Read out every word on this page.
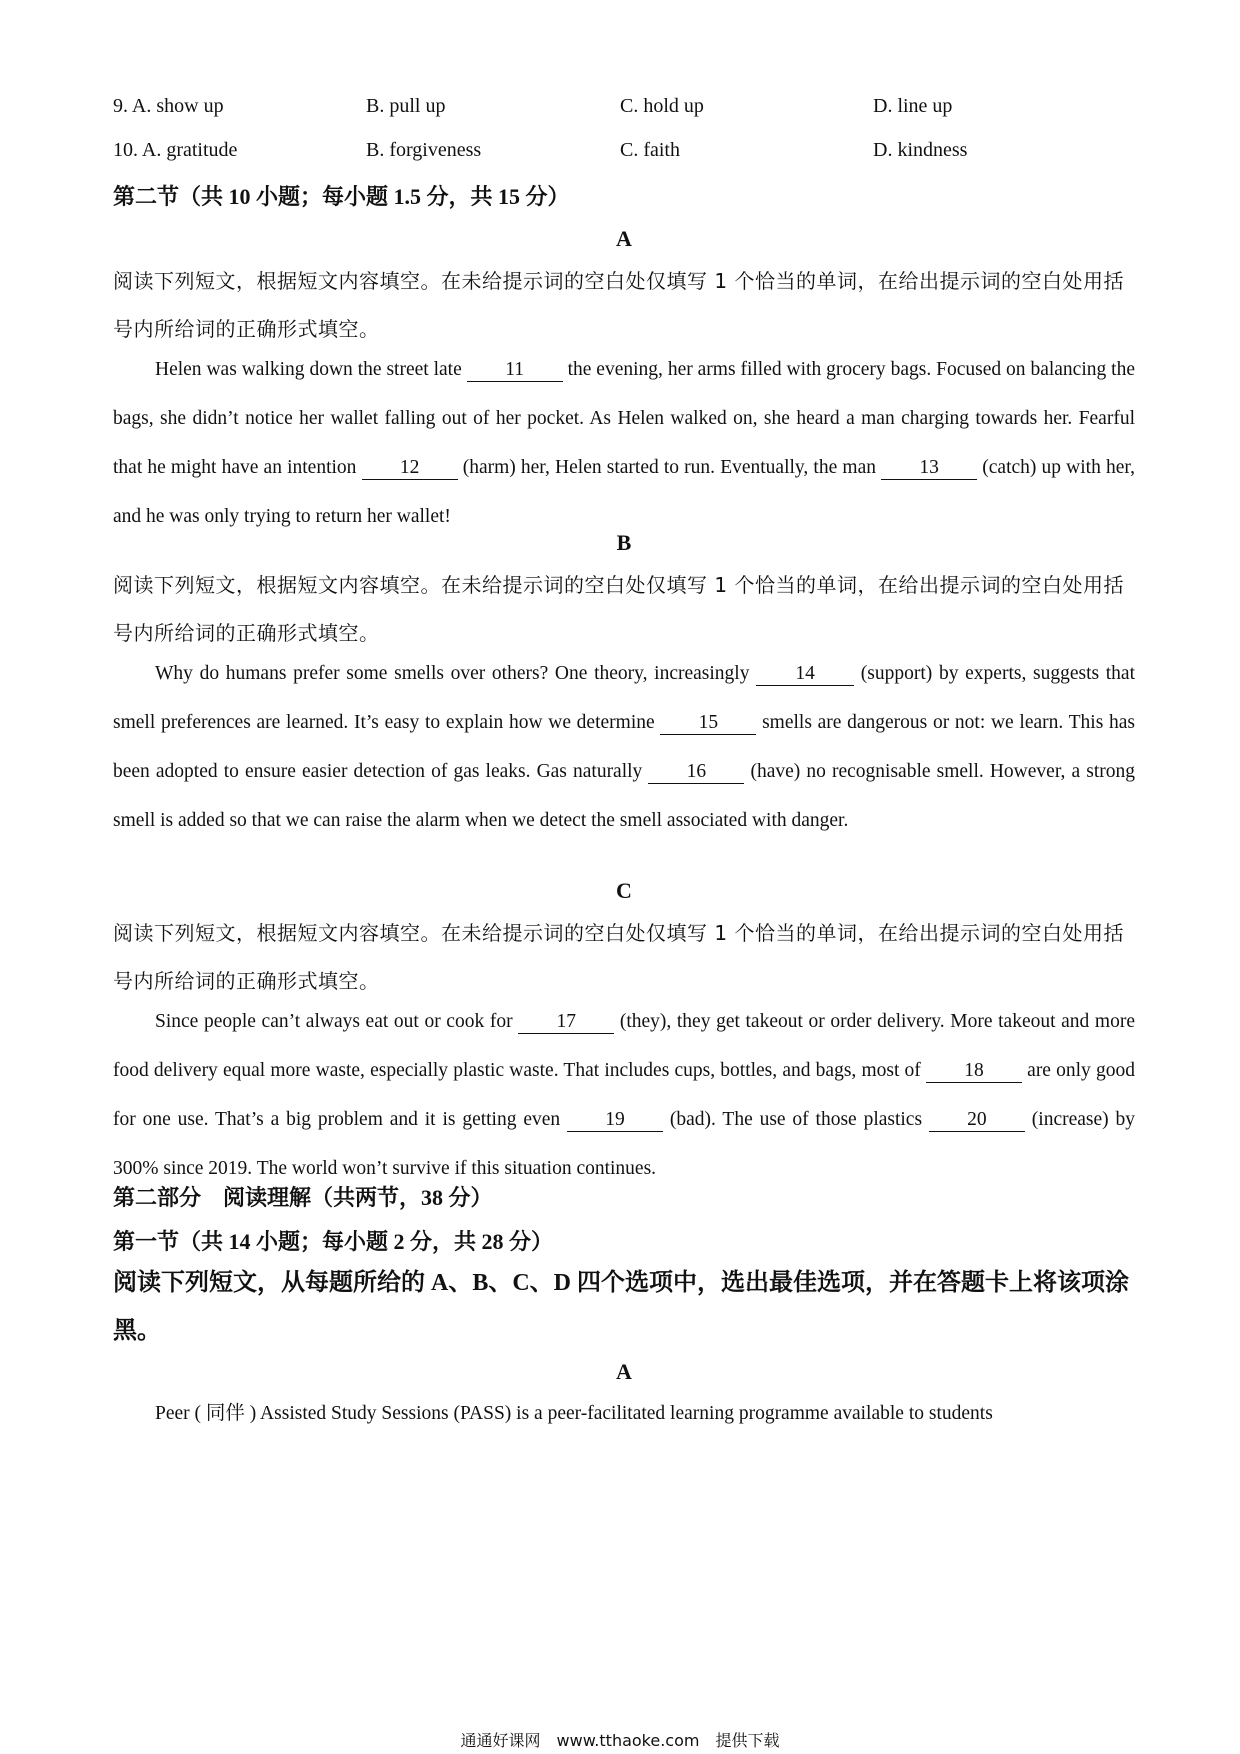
9. A. show up	B. pull up	C. hold up	D. line up
10. A. gratitude	B. forgiveness	C. faith	D. kindness
第二节（共 10 小题；每小题 1.5 分，共 15 分）
A
阅读下列短文，根据短文内容填空。在未给提示词的空白处仅填写 1 个恰当的单词，在给出提示词的空白处用括号内所给词的正确形式填空。
Helen was walking down the street late 11 the evening, her arms filled with grocery bags. Focused on balancing the bags, she didn’t notice her wallet falling out of her pocket. As Helen walked on, she heard a man charging towards her. Fearful that he might have an intention 12 (harm) her, Helen started to run. Eventually, the man 13 (catch) up with her, and he was only trying to return her wallet!
B
阅读下列短文，根据短文内容填空。在未给提示词的空白处仅填写 1 个恰当的单词，在给出提示词的空白处用括号内所给词的正确形式填空。
Why do humans prefer some smells over others? One theory, increasingly 14 (support) by experts, suggests that smell preferences are learned. It’s easy to explain how we determine 15 smells are dangerous or not: we learn. This has been adopted to ensure easier detection of gas leaks. Gas naturally 16 (have) no recognisable smell. However, a strong smell is added so that we can raise the alarm when we detect the smell associated with danger.
C
阅读下列短文，根据短文内容填空。在未给提示词的空白处仅填写 1 个恰当的单词，在给出提示词的空白处用括号内所给词的正确形式填空。
Since people can’t always eat out or cook for 17 (they), they get takeout or order delivery. More takeout and more food delivery equal more waste, especially plastic waste. That includes cups, bottles, and bags, most of 18 are only good for one use. That’s a big problem and it is getting even 19 (bad). The use of those plastics 20 (increase) by 300% since 2019. The world won’t survive if this situation continues.
第二部分　阅读理解（共两节，38 分）
第一节（共 14 小题；每小题 2 分，共 28 分）
阅读下列短文，从每题所给的 A、B、C、D 四个选项中，选出最佳选项，并在答题卡上将该项涂黑。
A
Peer ( 同伴 ) Assisted Study Sessions (PASS) is a peer-facilitated learning programme available to students
通通好课网　www.tthaoke.com　提供下载
